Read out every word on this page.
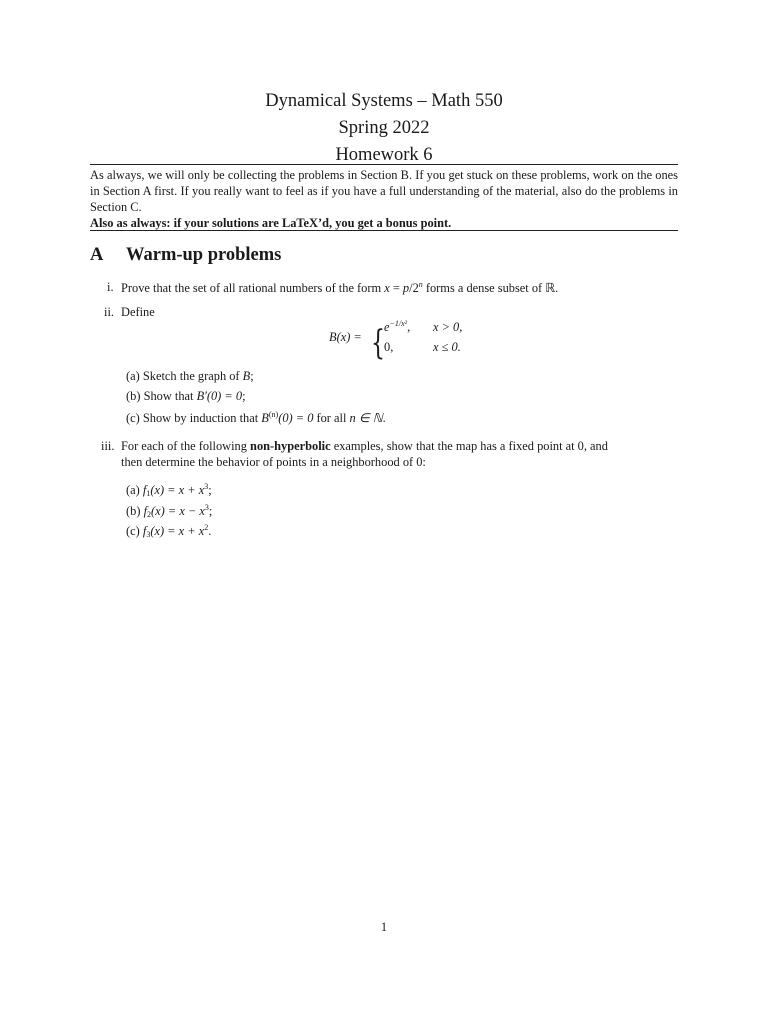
Dynamical Systems – Math 550
Spring 2022
Homework 6

As always, we will only be collecting the problems in Section B. If you get stuck on these problems, work on the ones in Section A first. If you really want to feel as if you have a full understanding of the material, also do the problems in Section C.

Also as always: if your solutions are LaTeX’d, you get a bonus point.

A Warm-up problems
i. Prove that the set of all rational numbers of the form $x = p/2^n$ forms a dense subset of ℝ.
ii. Define
B(x) = {
$e^{-1/x^2}$, x > 0,
0,	x ≤ 0.
(a) Sketch the graph of B;
(b) Show that B′(0) = 0;
(c) Show by induction that $B^{(n)}(0) = 0$ for all n ∈ ℕ.
iii. For each of the following non-hyperbolic examples, show that the map has a fixed point at 0, and
then determine the behavior of points in a neighborhood of 0:
(a) $f_1(x) = x + x^3$;
(b) $f_2(x) = x - x^3$;
(c) $f_3(x) = x + x^2$.
1
